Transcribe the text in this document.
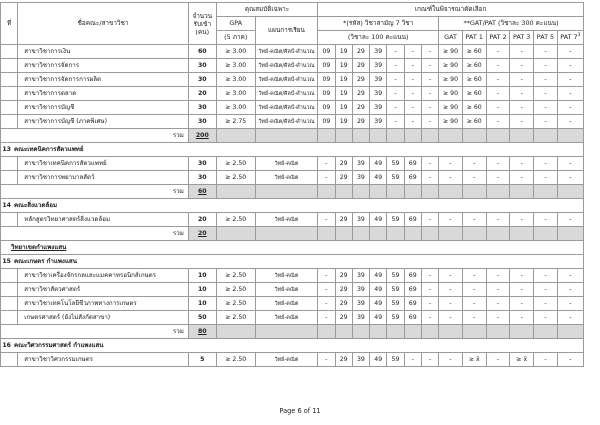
ที่	ชื่อคณะ/สาขาวิชา	จำนวน
รับเข้า
(คน)	คุณสมบัติเฉพาะ		เกณฑ์ในพิจารณาคัดเลือก												
			GPA	แผนการเรียน	*(รหัส) วิชาสามัญ 7 วิชา							**GAT/PAT (วิชาละ 300 คะแนน)					
			(5 ภาค)		(วิชาละ 100 คะแนน)							GAT	PAT 1	PAT 2	PAT 3	PAT 5	PAT $7^3$
	สาขาวิชาการเงิน	60	≥ 3.00	วิทย์-คณิต/ศิลป์-คำนวณ	09	19	29	39	-	-	-	≥ 90	≥ 60	-	-	-	-
	สาขาวิชาการจัดการ	30	≥ 3.00	วิทย์-คณิต/ศิลป์-คำนวณ	09	19	29	39	-	-	-	≥ 90	≥ 60	-	-	-	-
	สาขาวิชาการจัดการการผลิต	30	≥ 3.00	วิทย์-คณิต/ศิลป์-คำนวณ	09	19	29	39	-	-	-	≥ 90	≥ 60	-	-	-	-
	สาขาวิชาการตลาด	20	≥ 3.00	วิทย์-คณิต/ศิลป์-คำนวณ	09	19	29	39	-	-	-	≥ 90	≥ 60	-	-	-	-
	สาขาวิชาการบัญชี	30	≥ 3.00	วิทย์-คณิต/ศิลป์-คำนวณ	09	19	29	39	-	-	-	≥ 90	≥ 60	-	-	-	-
	สาขาวิชาการบัญชี (ภาคพิเศษ)	30	≥ 2.75	วิทย์-คณิต/ศิลป์-คำนวณ	09	19	29	39	-	-	-	≥ 90	≥ 60	-	-	-	-
รวม		200															
13 คณะเทคนิคการสัตวแพทย์																	
	สาขาวิชาเทคนิคการสัตวแพทย์	30	≥ 2.50	วิทย์-คณิต	-	29	39	49	59	69	-	-	-	-	-	-	-
	สาขาวิชาการพยาบาลสัตว์	30	≥ 2.50	วิทย์-คณิต	-	29	39	49	59	69	-	-	-	-	-	-	-
รวม		60															
14 คณะสิ่งแวดล้อม																	
	หลักสูตรวิทยาศาสตร์สิ่งแวดล้อม	20	≥ 2.50	วิทย์-คณิต	-	29	39	49	59	69	-	-	-	-	-	-	-
รวม		20															
วิทยาเขตกำแพงแสน																	
15 คณะเกษตร กำแพงแสน																	
	สาขาวิชาเครื่องจักรกลและแมคคาทรอนิกส์เกษตร	10	≥ 2.50	วิทย์-คณิต	-	29	39	49	59	69	-	-	-	-	-	-	-
	สาขาวิชาสัตวศาสตร์	10	≥ 2.50	วิทย์-คณิต	-	29	39	49	59	69	-	-	-	-	-	-	-
	สาขาวิชาเทคโนโลยีชีวภาพทางการเกษตร	10	≥ 2.50	วิทย์-คณิต	-	29	39	49	59	69	-	-	-	-	-	-	-
	เกษตรศาสตร์ (ยังไม่สังกัดสาขา)	50	≥ 2.50	วิทย์-คณิต	-	29	39	49	59	69	-	-	-	-	-	-	-
รวม		80															
16 คณะวิศวกรรมศาสตร์ กำแพงแสน																	
	สาขาวิชาวิศวกรรมเกษตร	5	≥ 2.50	วิทย์-คณิต	-	29	39	49	59	-	-	-	≥ x̄	-	≥ x̄	-	-
Page 6 of 11
